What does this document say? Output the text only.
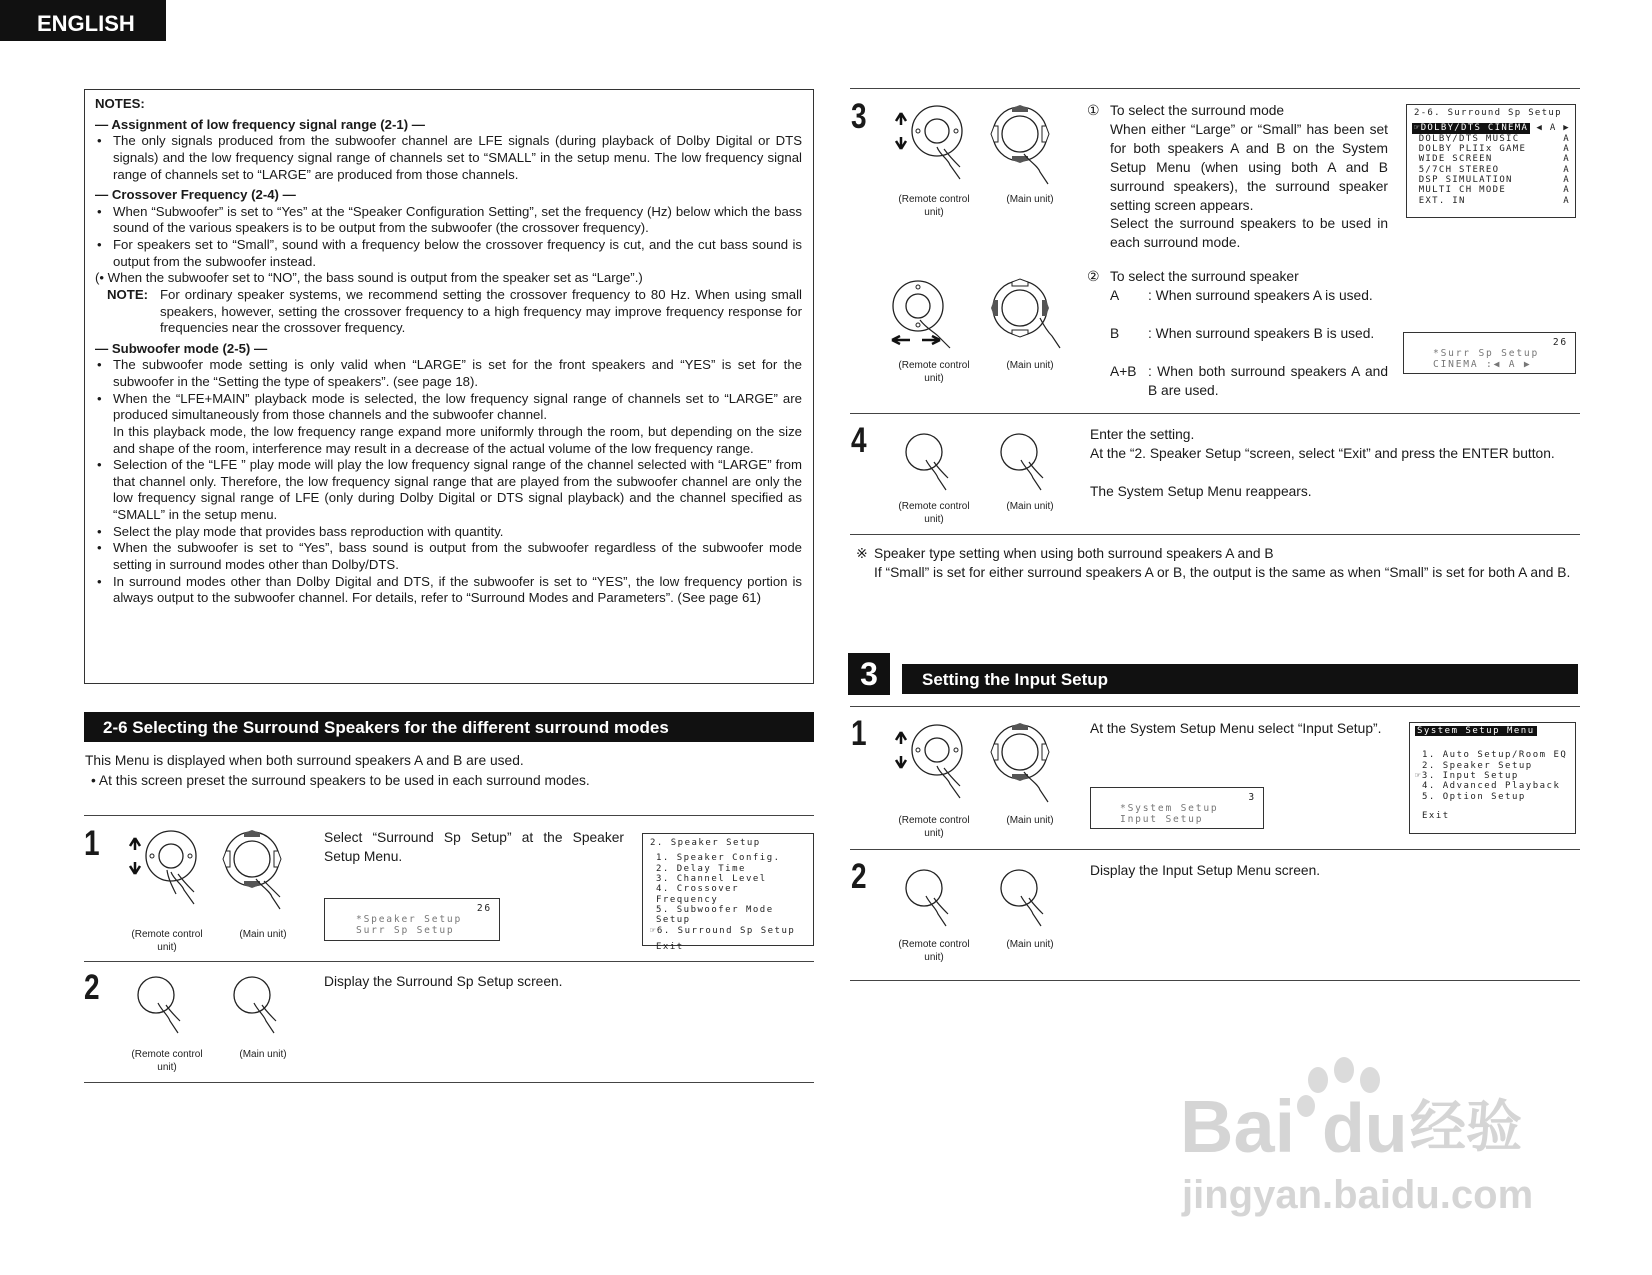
ENGLISH
NOTES:
— Assignment of low frequency signal range (2-1) —
• The only signals produced from the subwoofer channel are LFE signals (during playback of Dolby Digital or DTS signals) and the low frequency signal range of channels set to “SMALL” in the setup menu. The low frequency signal range of channels set to “LARGE” are produced from those channels.
— Crossover Frequency (2-4) —
• When “Subwoofer” is set to “Yes” at the “Speaker Configuration Setting”, set the frequency (Hz) below which the bass sound of the various speakers is to be output from the subwoofer (the crossover frequency).
• For speakers set to “Small”, sound with a frequency below the crossover frequency is cut, and the cut bass sound is output from the subwoofer instead.
(• When the subwoofer set to “NO”, the bass sound is output from the speaker set as “Large”.)
NOTE: For ordinary speaker systems, we recommend setting the crossover frequency to 80 Hz. When using small speakers, however, setting the crossover frequency to a high frequency may improve frequency response for frequencies near the crossover frequency.
— Subwoofer mode (2-5) —
• The subwoofer mode setting is only valid when “LARGE” is set for the front speakers and “YES” is set for the subwoofer in the “Setting the type of speakers”. (see page 18).
• When the “LFE+MAIN” playback mode is selected, the low frequency signal range of channels set to “LARGE” are produced simultaneously from those channels and the subwoofer channel.
In this playback mode, the low frequency range expand more uniformly through the room, but depending on the size and shape of the room, interference may result in a decrease of the actual volume of the low frequency range.
• Selection of the “LFE ” play mode will play the low frequency signal range of the channel selected with “LARGE” from that channel only. Therefore, the low frequency signal range that are played from the subwoofer channel are only the low frequency signal range of LFE (only during Dolby Digital or DTS signal playback) and the channel specified as “SMALL” in the setup menu.
• Select the play mode that provides bass reproduction with quantity.
• When the subwoofer is set to “Yes”, bass sound is output from the subwoofer regardless of the subwoofer mode setting in surround modes other than Dolby/DTS.
• In surround modes other than Dolby Digital and DTS, if the subwoofer is set to “YES”, the low frequency portion is always output to the subwoofer channel. For details, refer to “Surround Modes and Parameters”. (See page 61)
2-6 Selecting the Surround Speakers for the different surround modes
This Menu is displayed when both surround speakers A and B are used.
• At this screen preset the surround speakers to be used in each surround modes.
1
(Remote control unit)
(Main unit)
Select “Surround Sp Setup” at the Speaker Setup Menu.
26
*Speaker Setup
Surr Sp Setup
2. Speaker Setup
1. Speaker Config.
2. Delay Time
3. Channel Level
4. Crossover Frequency
5. Subwoofer Mode Setup
☞6. Surround Sp Setup
Exit
2
(Remote control unit)
(Main unit)
Display the Surround Sp Setup screen.
3
(Remote control unit)
(Main unit)
(Remote control unit)
(Main unit)
① To select the surround mode
When either “Large” or “Small” has been set for both speakers A and B on the System Setup Menu (when using both A and B surround speakers), the surround speaker setting screen appears.
Select the surround speakers to be used in each surround mode.
② To select the surround speaker
A	: When surround speakers A is used.
B	: When surround speakers B is used.
A+B : When both surround speakers A and B are used.
2-6. Surround Sp Setup
☞DOLBY/DTS CINEMA ◀ A ▶
DOLBY/DTS MUSIC	A
DOLBY PLIIx GAME	A
WIDE SCREEN	A
5/7CH STEREO	A
DSP SIMULATION	A
MULTI CH MODE	A
EXT. IN	A
26
*Surr Sp Setup
CINEMA :◀ A ▶
4
(Remote control unit)
(Main unit)
Enter the setting.
At the “2. Speaker Setup “screen, select “Exit” and press the ENTER button.
The System Setup Menu reappears.
※ Speaker type setting when using both surround speakers A and B
If “Small” is set for either surround speakers A or B, the output is the same as when “Small” is set for both A and B.
3	Setting the Input Setup
1
(Remote control unit)
(Main unit)
At the System Setup Menu select “Input Setup”.
3
*System Setup
Input Setup
System Setup Menu
1. Auto Setup/Room EQ
2. Speaker Setup
☞3. Input Setup
4. Advanced Playback
5. Option Setup
Exit
2
(Remote control unit)
(Main unit)
Display the Input Setup Menu screen.
Bai du 经验
jingyan.baidu.com
